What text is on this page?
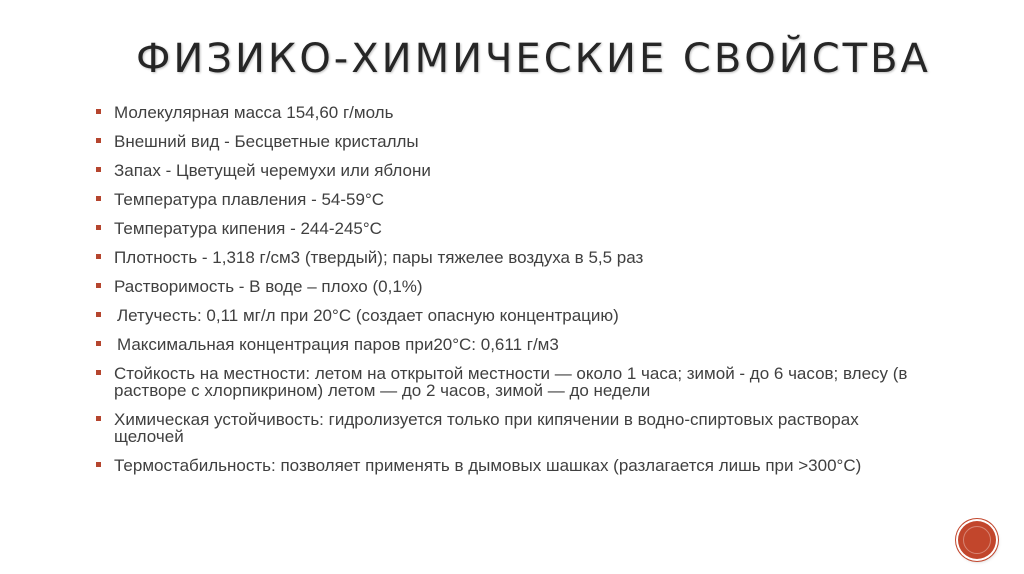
ФИЗИКО-ХИМИЧЕСКИЕ СВОЙСТВА
Молекулярная масса 154,60 г/моль
Внешний вид - Бесцветные кристаллы
Запах - Цветущей черемухи или яблони
Температура плавления - 54-59°С
Температура кипения - 244-245°С
Плотность - 1,318 г/см3 (твердый); пары тяжелее воздуха в 5,5 раз
Растворимость - В воде – плохо (0,1%)
Летучесть: 0,11 мг/л при 20°С (создает опасную концентрацию)
Максимальная концентрация паров при20°С: 0,611 г/м3
Стойкость на местности: летом на открытой местности — около 1 часа; зимой - до 6 часов; влесу (в растворе с хлорпикрином) летом — до 2 часов, зимой — до недели
Химическая устойчивость: гидролизуется только при кипячении в водно-спиртовых растворах щелочей
Термостабильность: позволяет применять в дымовых шашках (разлагается лишь при >300°С)
